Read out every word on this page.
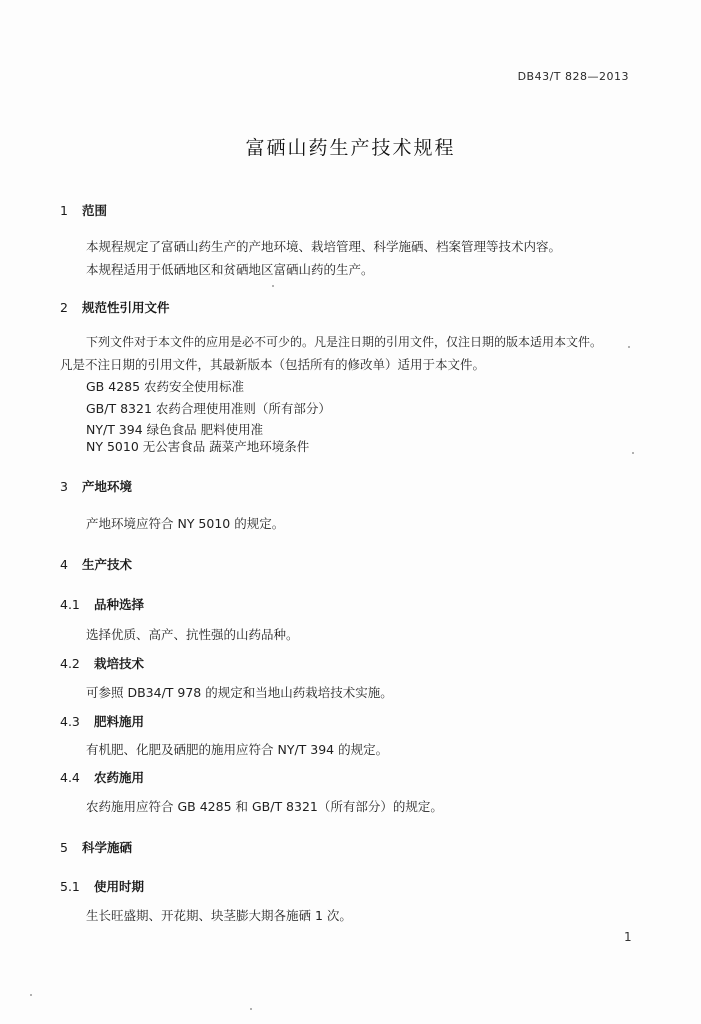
DB43/T 828—2013
富硒山药生产技术规程
1 范围
本规程规定了富硒山药生产的产地环境、栽培管理、科学施硒、档案管理等技术内容。
本规程适用于低硒地区和贫硒地区富硒山药的生产。
2 规范性引用文件
下列文件对于本文件的应用是必不可少的。凡是注日期的引用文件，仅注日期的版本适用本文件。
凡是不注日期的引用文件，其最新版本（包括所有的修改单）适用于本文件。
GB 4285 农药安全使用标准
GB/T 8321 农药合理使用准则（所有部分）
NY/T 394 绿色食品 肥料使用准
NY 5010 无公害食品 蔬菜产地环境条件
3 产地环境
产地环境应符合 NY 5010 的规定。
4 生产技术
4.1 品种选择
选择优质、高产、抗性强的山药品种。
4.2 栽培技术
可参照 DB34/T 978 的规定和当地山药栽培技术实施。
4.3 肥料施用
有机肥、化肥及硒肥的施用应符合 NY/T 394 的规定。
4.4 农药施用
农药施用应符合 GB 4285 和 GB/T 8321（所有部分）的规定。
5 科学施硒
5.1 使用时期
生长旺盛期、开花期、块茎膨大期各施硒 1 次。
1
